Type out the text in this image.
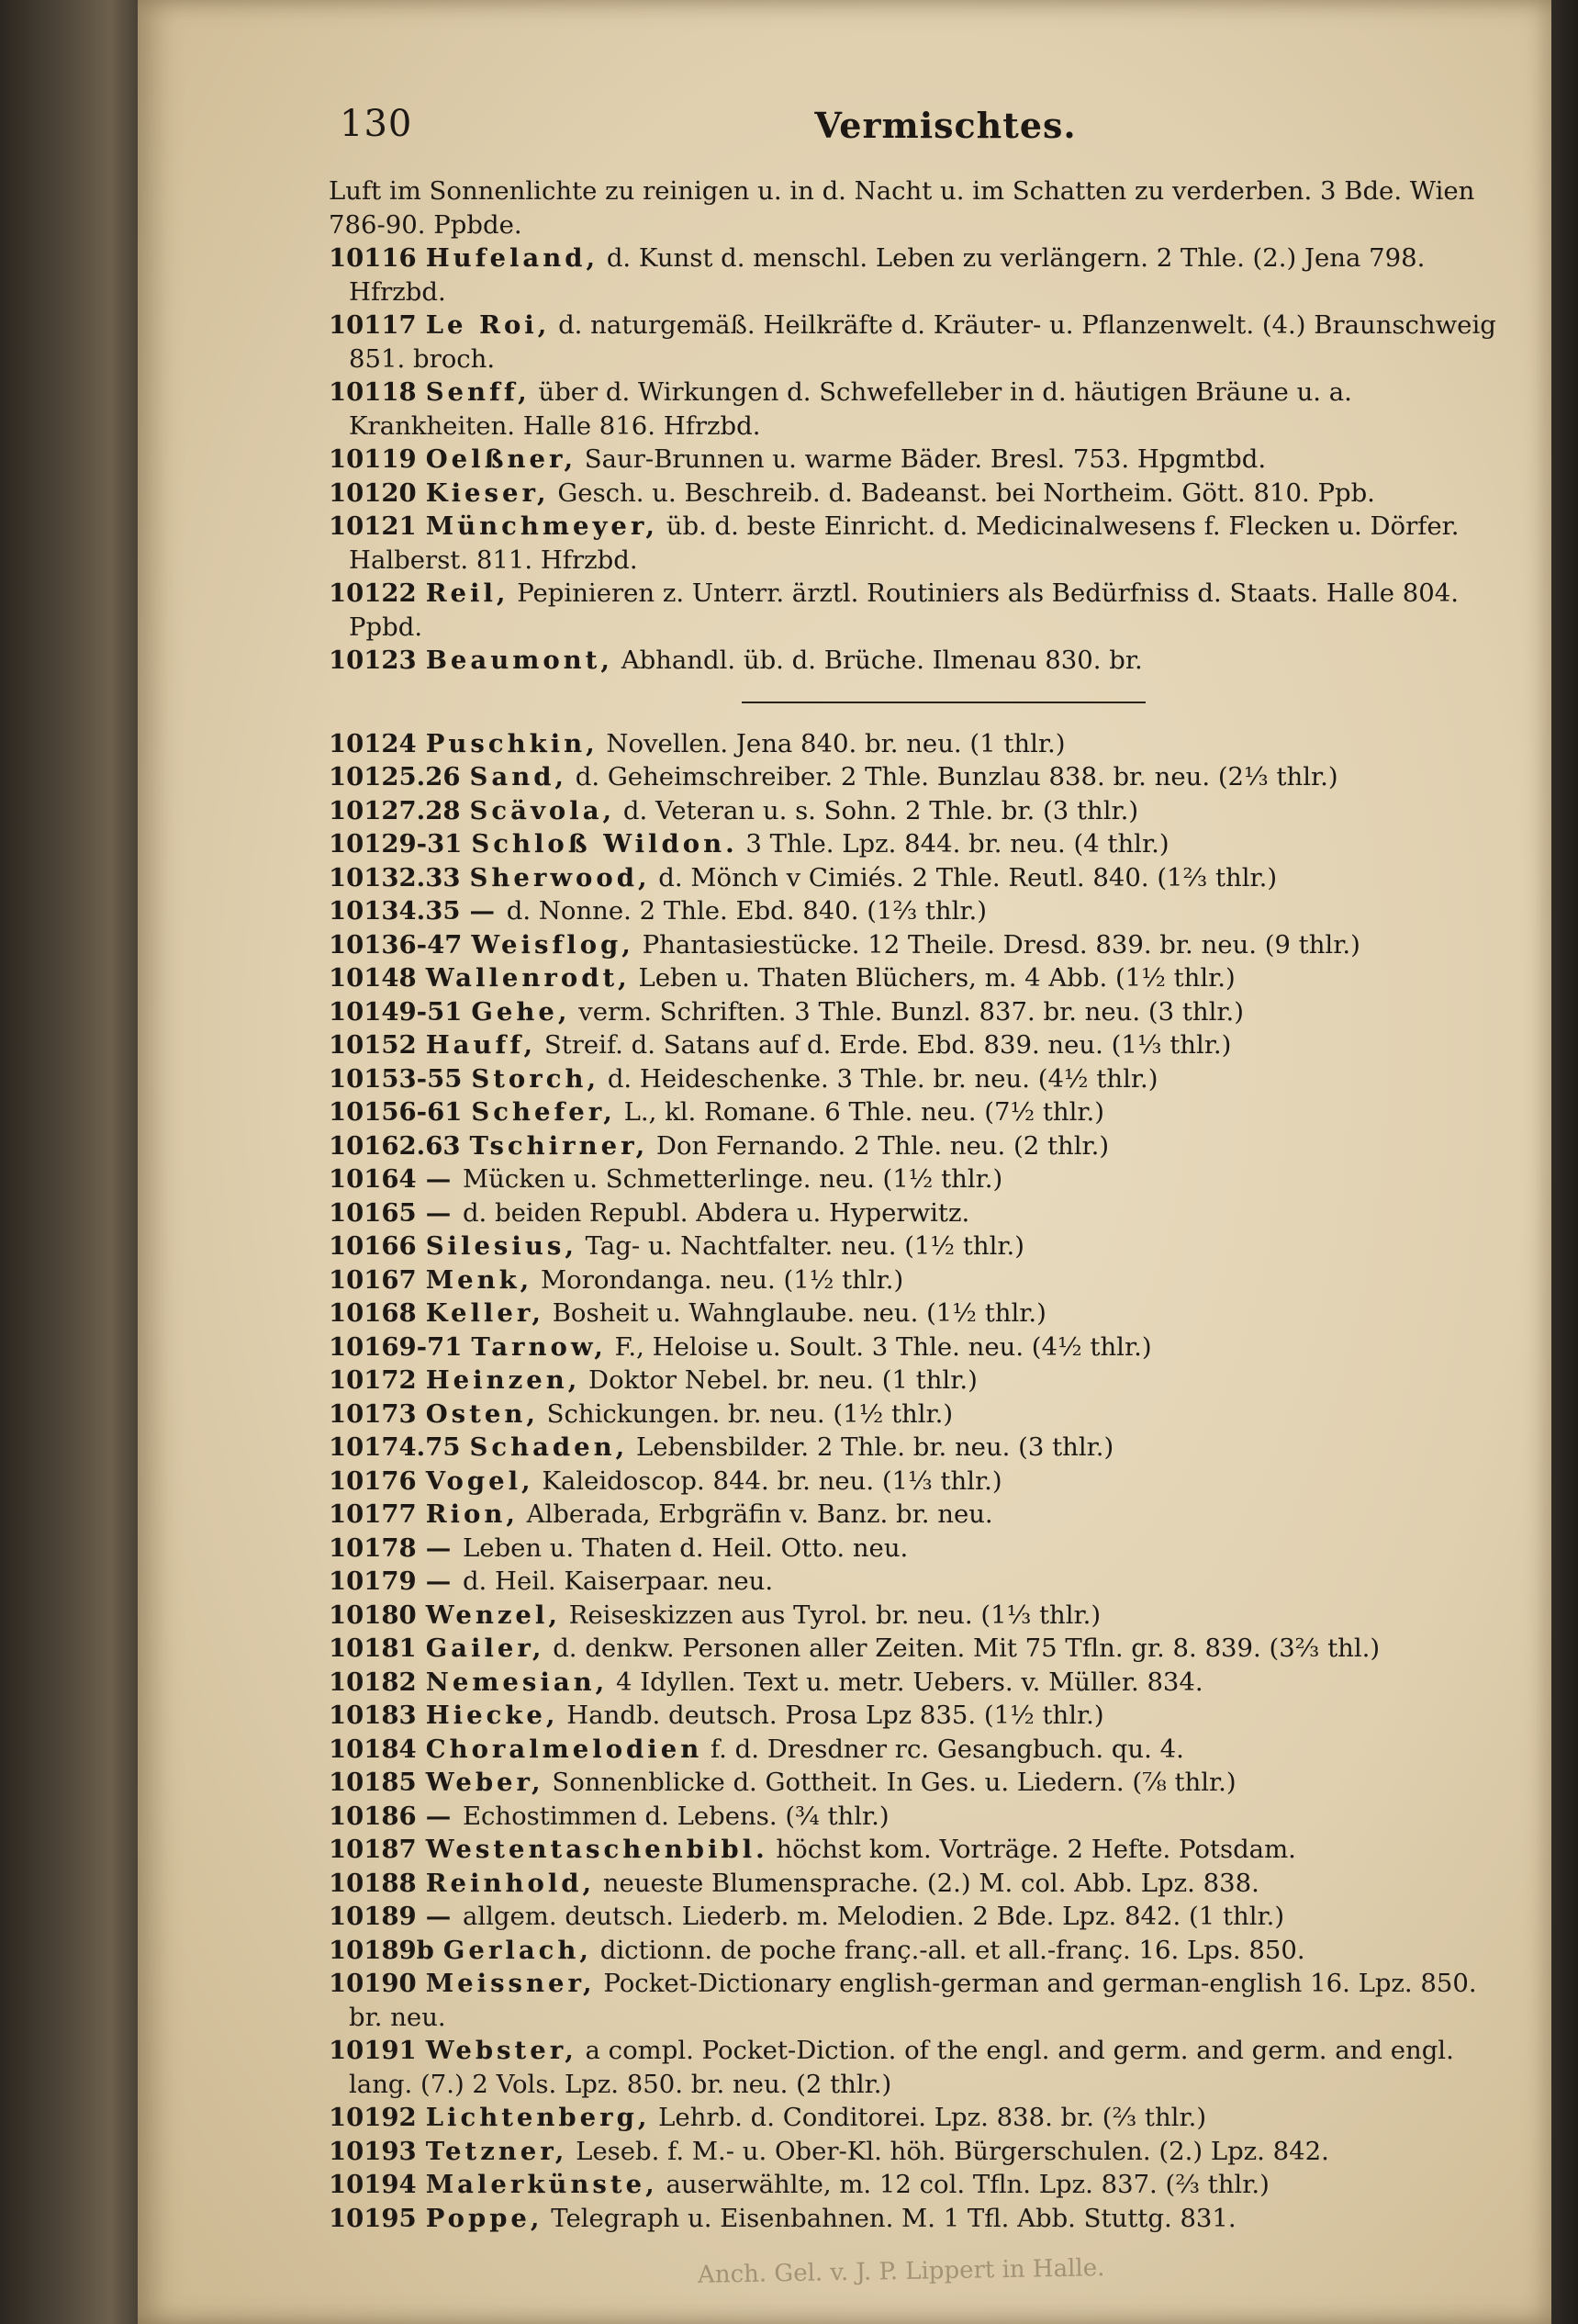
130	Vermischtes.

Luft im Sonnenlichte zu reinigen u. in d. Nacht u. im Schatten zu verderben. 3 Bde. Wien 786-90. Ppbde.

10116 Hufeland, d. Kunst d. menschl. Leben zu verlängern. 2 Thle. (2.) Jena 798. Hfrzbd.

10117 Le Roi, d. naturgemäß. Heilkräfte d. Kräuter- u. Pflanzenwelt. (4.) Braunschweig 851. broch.

10118 Senff, über d. Wirkungen d. Schwefelleber in d. häutigen Bräune u. a. Krankheiten. Halle 816. Hfrzbd.

10119 Oelßner, Saur-Brunnen u. warme Bäder. Bresl. 753. Hpgmtbd.

10120 Kieser, Gesch. u. Beschreib. d. Badeanst. bei Northeim. Gött. 810. Ppb.

10121 Münchmeyer, üb. d. beste Einricht. d. Medicinalwesens f. Flecken u. Dörfer. Halberst. 811. Hfrzbd.

10122 Reil, Pepinieren z. Unterr. ärztl. Routiniers als Bedürfniss d. Staats. Halle 804. Ppbd.

10123 Beaumont, Abhandl. üb. d. Brüche. Ilmenau 830. br.

10124 Puschkin, Novellen. Jena 840. br. neu. (1 thlr.)

10125.26 Sand, d. Geheimschreiber. 2 Thle. Bunzlau 838. br. neu. (2⅓ thlr.)

10127.28 Scävola, d. Veteran u. s. Sohn. 2 Thle. br. (3 thlr.)

10129-31 Schloß Wildon. 3 Thle. Lpz. 844. br. neu. (4 thlr.)

10132.33 Sherwood, d. Mönch v Cimiés. 2 Thle. Reutl. 840. (1⅔ thlr.)

10134.35 — d. Nonne. 2 Thle. Ebd. 840. (1⅔ thlr.)

10136-47 Weisflog, Phantasiestücke. 12 Theile. Dresd. 839. br. neu. (9 thlr.)

10148 Wallenrodt, Leben u. Thaten Blüchers, m. 4 Abb. (1½ thlr.)

10149-51 Gehe, verm. Schriften. 3 Thle. Bunzl. 837. br. neu. (3 thlr.)

10152 Hauff, Streif. d. Satans auf d. Erde. Ebd. 839. neu. (1⅓ thlr.)

10153-55 Storch, d. Heideschenke. 3 Thle. br. neu. (4½ thlr.)

10156-61 Schefer, L., kl. Romane. 6 Thle. neu. (7½ thlr.)

10162.63 Tschirner, Don Fernando. 2 Thle. neu. (2 thlr.)

10164 — Mücken u. Schmetterlinge. neu. (1½ thlr.)

10165 — d. beiden Republ. Abdera u. Hyperwitz.

10166 Silesius, Tag- u. Nachtfalter. neu. (1½ thlr.)

10167 Menk, Morondanga. neu. (1½ thlr.)

10168 Keller, Bosheit u. Wahnglaube. neu. (1½ thlr.)

10169-71 Tarnow, F., Heloise u. Soult. 3 Thle. neu. (4½ thlr.)

10172 Heinzen, Doktor Nebel. br. neu. (1 thlr.)

10173 Osten, Schickungen. br. neu. (1½ thlr.)

10174.75 Schaden, Lebensbilder. 2 Thle. br. neu. (3 thlr.)

10176 Vogel, Kaleidoscop. 844. br. neu. (1⅓ thlr.)

10177 Rion, Alberada, Erbgräfin v. Banz. br. neu.

10178 — Leben u. Thaten d. Heil. Otto. neu.

10179 — d. Heil. Kaiserpaar. neu.

10180 Wenzel, Reiseskizzen aus Tyrol. br. neu. (1⅓ thlr.)

10181 Gailer, d. denkw. Personen aller Zeiten. Mit 75 Tfln. gr. 8. 839. (3⅔ thl.)

10182 Nemesian, 4 Idyllen. Text u. metr. Uebers. v. Müller. 834.

10183 Hiecke, Handb. deutsch. Prosa Lpz 835. (1½ thlr.)

10184 Choralmelodien f. d. Dresdner rc. Gesangbuch. qu. 4.

10185 Weber, Sonnenblicke d. Gottheit. In Ges. u. Liedern. (⅞ thlr.)

10186 — Echostimmen d. Lebens. (¾ thlr.)

10187 Westentaschenbibl. höchst kom. Vorträge. 2 Hefte. Potsdam.

10188 Reinhold, neueste Blumensprache. (2.) M. col. Abb. Lpz. 838.

10189 — allgem. deutsch. Liederb. m. Melodien. 2 Bde. Lpz. 842. (1 thlr.)

10189b Gerlach, dictionn. de poche franç.-all. et all.-franç. 16. Lps. 850.

10190 Meissner, Pocket-Dictionary english-german and german-english 16. Lpz. 850. br. neu.

10191 Webster, a compl. Pocket-Diction. of the engl. and germ. and germ. and engl. lang. (7.) 2 Vols. Lpz. 850. br. neu. (2 thlr.)

10192 Lichtenberg, Lehrb. d. Conditorei. Lpz. 838. br. (⅔ thlr.)

10193 Tetzner, Leseb. f. M.- u. Ober-Kl. höh. Bürgerschulen. (2.) Lpz. 842.

10194 Malerkünste, auserwählte, m. 12 col. Tfln. Lpz. 837. (⅔ thlr.)

10195 Poppe, Telegraph u. Eisenbahnen. M. 1 Tfl. Abb. Stuttg. 831.

Anch. Gel. v. J. P. Lippert in Halle.
